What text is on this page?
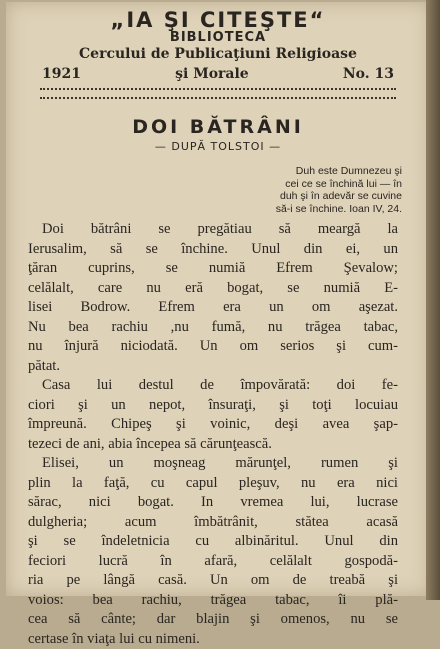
„IA ŞI CITEŞTE“
BIBLIOTECA
Cercului de Publicaţiuni Religioase
1921	şi Morale	No. 13
DOI BĂTRÂNI
— DUPĂ TOLSTOI —
Duh este Dumnezeu şi
cei ce se închină lui — în
duh şi în adevăr se cuvine
să-i se închine. Ioan IV, 24.
Doi bătrâni se pregătiau să meargă la
Ierusalim, să se închine. Unul din ei, un
ţăran cuprins, se numiă Efrem Şevalow;
celălalt, care nu eră bogat, se numiă E-
lisei Bodrow. Efrem era un om aşezat.
Nu bea rachiu ,nu fumă, nu trăgea tabac,
nu înjură niciodată. Un om serios şi cum-
pătat.
Casa lui destul de împovărată: doi fe-
ciori şi un nepot, însuraţi, şi toţi locuiau
împreună. Chipeş şi voinic, deşi avea şap-
tezeci de ani, abia începea să cărunţească.
Elisei, un moşneag mărunţel, rumen şi
plin la faţă, cu capul pleşuv, nu era nici
sărac, nici bogat. In vremea lui, lucrase
dulgheria; acum îmbătrânit, stătea acasă
şi se îndeletnicia cu albinăritul. Unul din
feciori lucră în afară, celălalt gospodă-
ria pe lângă casă. Un om de treabă şi
voios: bea rachiu, trăgea tabac, îi plă-
cea să cânte; dar blajin şi omenos, nu se
certase în viaţa lui cu nimeni.
